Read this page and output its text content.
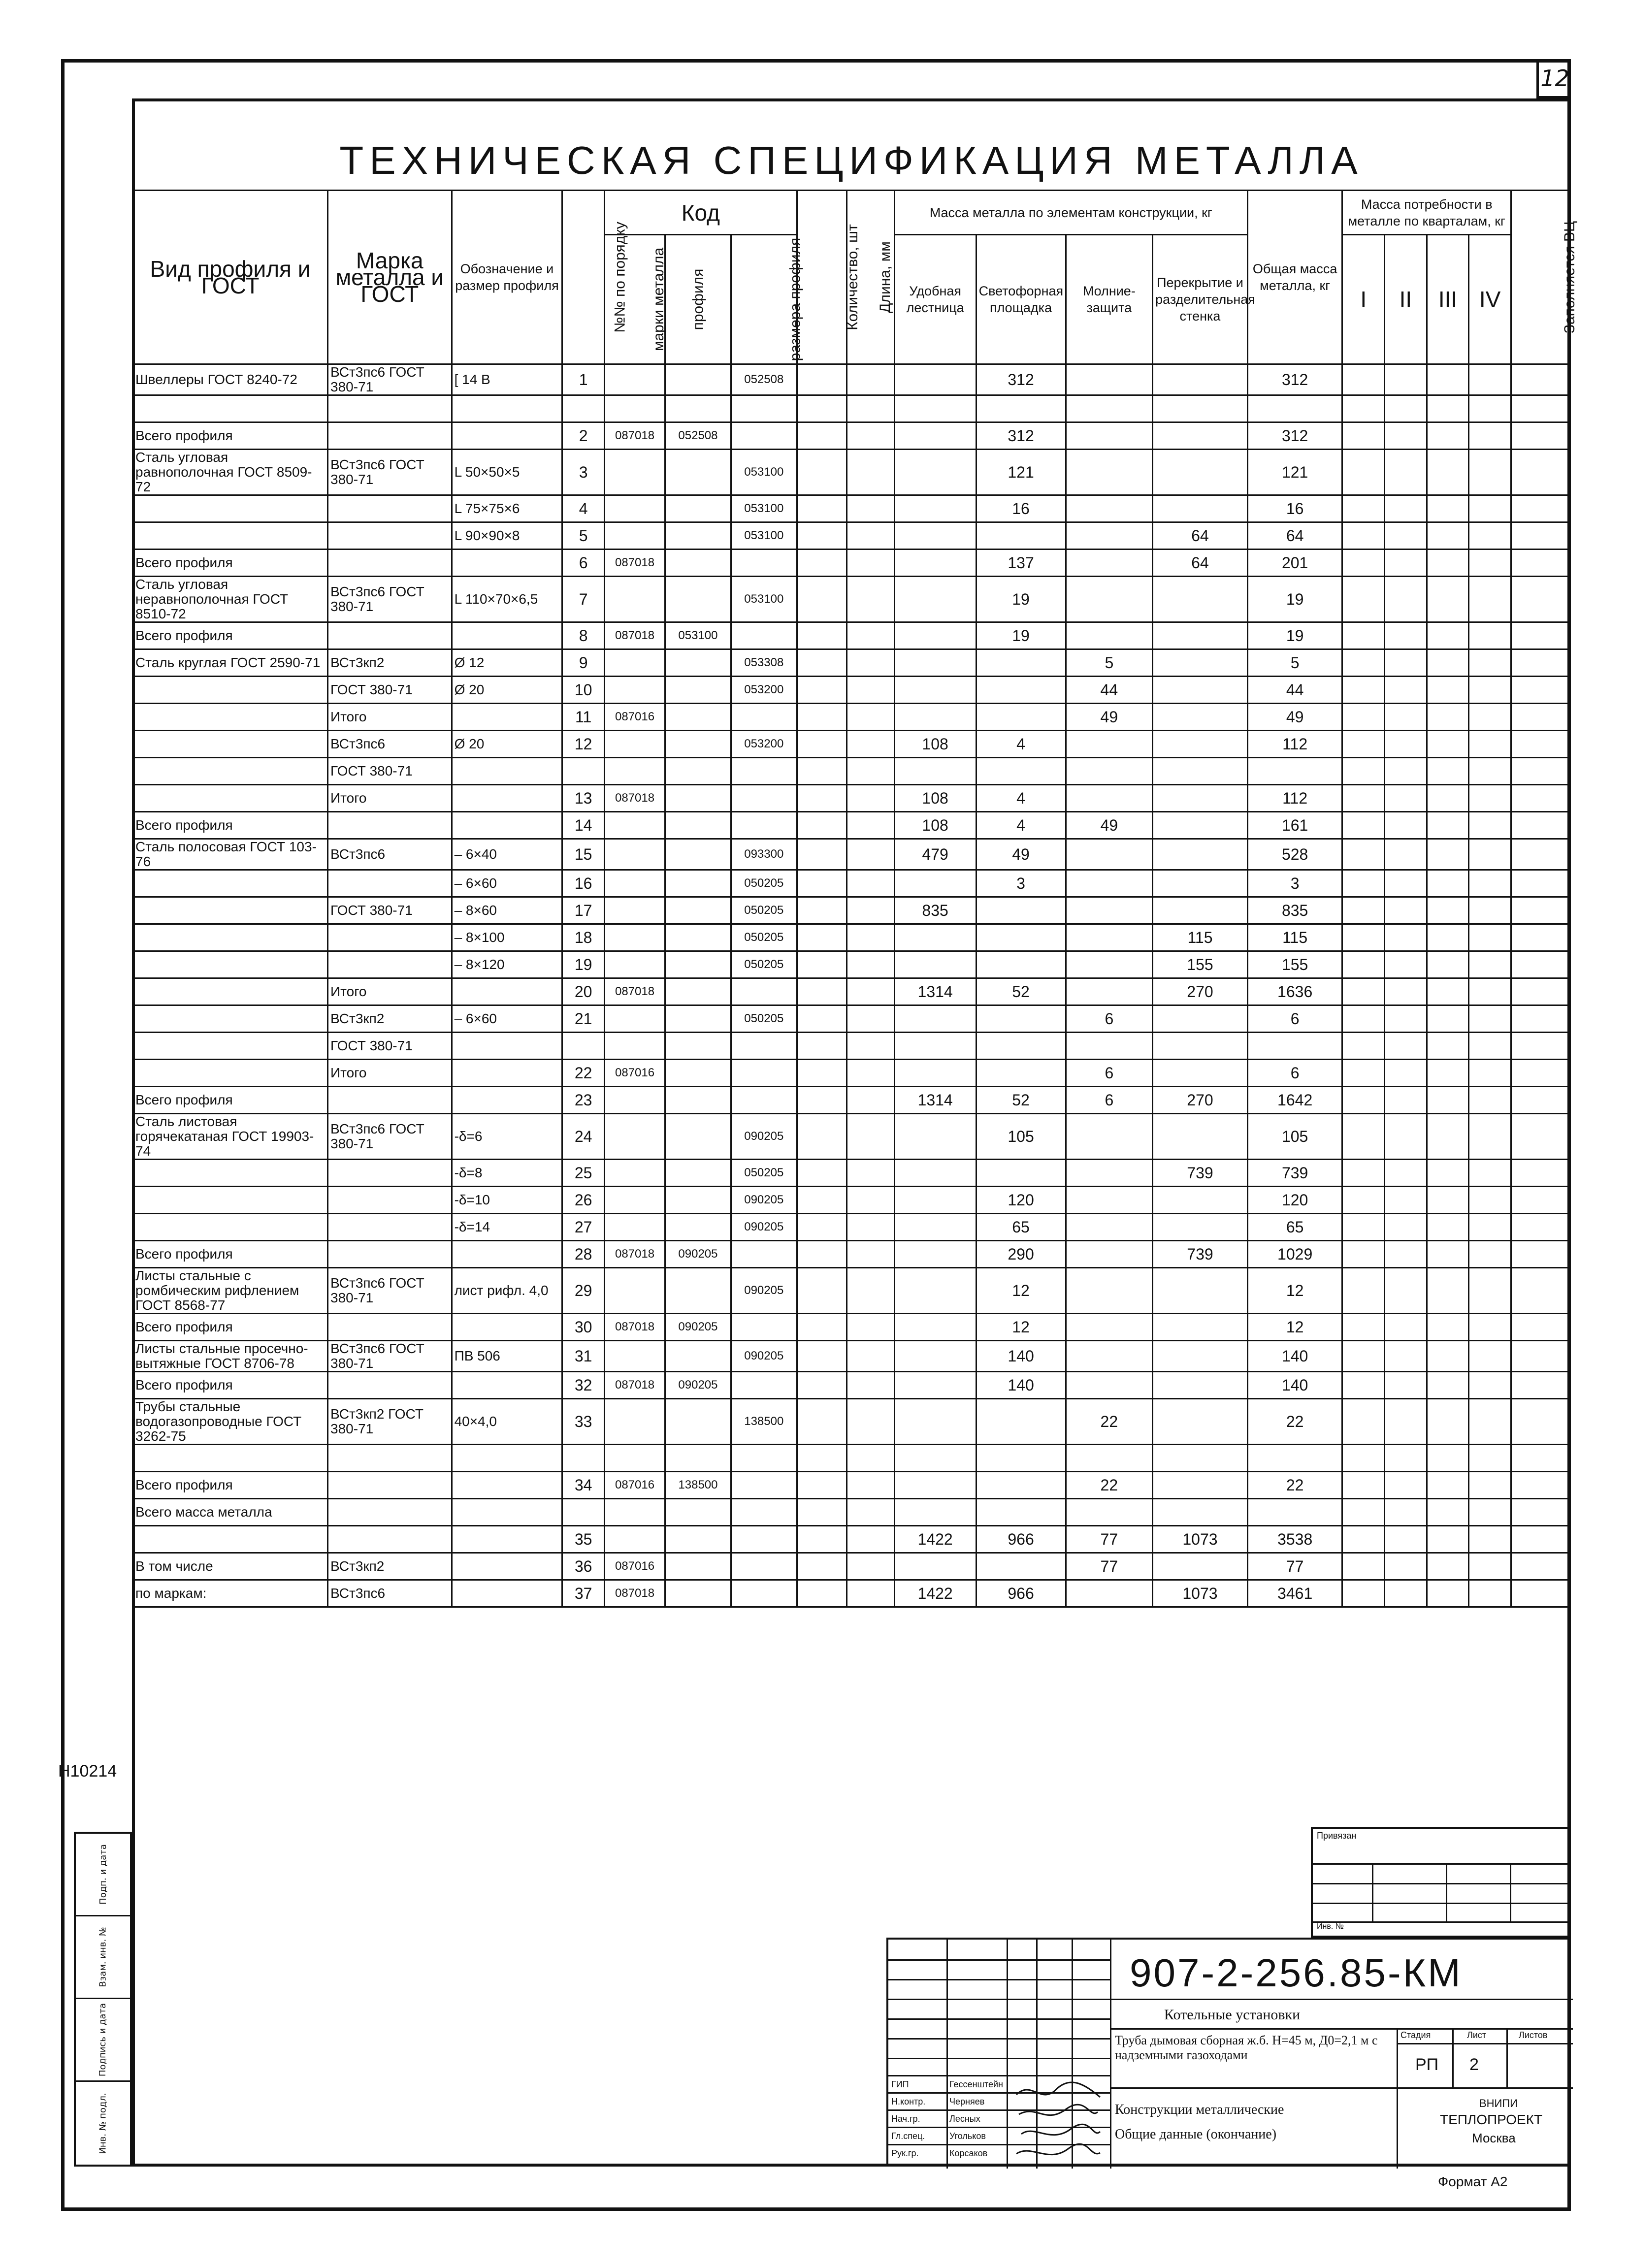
12
ТЕХНИЧЕСКАЯ СПЕЦИФИКАЦИЯ МЕТАЛЛА
Вид профиля и ГОСТ	Марка металла и ГОСТ	Обозначение и размер профиля	№№ по порядку	Код			Количество, шт	Длина, мм	Масса металла по элементам конструкции, кг				Общая масса металла, кг	Масса потребности в металле по кварталам, кг				Заполняется ВЦ
				марки металла	профиля	размера профиля			Удобная лестница	Светофорная площадка	Молние-защита	Перекрытие и разделительная стенка		I	II	III	IV	
Швеллеры ГОСТ 8240-72	ВСт3пс6 ГОСТ 380-71	[ 14 В	1			052508				312			312					

Всего профиля			2	087018	052508					312			312					
Сталь угловая равнополочная ГОСТ 8509-72	ВСт3пс6 ГОСТ 380-71	L 50×50×5	3			053100				121			121					
		L 75×75×6	4			053100				16			16					
		L 90×90×8	5			053100						64	64					
Всего профиля			6	087018						137		64	201					
Сталь угловая неравнополочная ГОСТ 8510-72	ВСт3пс6 ГОСТ 380-71	L 110×70×6,5	7			053100				19			19					
Всего профиля			8	087018	053100					19			19					
Сталь круглая ГОСТ 2590-71	ВСт3кп2	Ø 12	9			053308					5		5					
	ГОСТ 380-71	Ø 20	10			053200					44		44					
	Итого		11	087016							49		49					
	ВСт3пс6	Ø 20	12			053200			108	4			112					
	ГОСТ 380-71																	
	Итого		13	087018					108	4			112					
Всего профиля			14						108	4	49		161					
Сталь полосовая ГОСТ 103-76	ВСт3пс6	– 6×40	15			093300			479	49			528					
		– 6×60	16			050205				3			3					
	ГОСТ 380-71	– 8×60	17			050205			835				835					
		– 8×100	18			050205						115	115					
		– 8×120	19			050205						155	155					
	Итого		20	087018					1314	52		270	1636					
	ВСт3кп2	– 6×60	21			050205					6		6					
	ГОСТ 380-71																	
	Итого		22	087016							6		6					
Всего профиля			23						1314	52	6	270	1642					
Сталь листовая горячекатаная ГОСТ 19903-74	ВСт3пс6 ГОСТ 380-71	-δ=6	24			090205				105			105					
		-δ=8	25			050205						739	739					
		-δ=10	26			090205				120			120					
		-δ=14	27			090205				65			65					
Всего профиля			28	087018	090205					290		739	1029					
Листы стальные с ромбическим рифлением ГОСТ 8568-77	ВСт3пс6 ГОСТ 380-71	лист рифл. 4,0	29			090205				12			12					
Всего профиля			30	087018	090205					12			12					
Листы стальные просечно-вытяжные ГОСТ 8706-78	ВСт3пс6 ГОСТ 380-71	ПВ 506	31			090205				140			140					
Всего профиля			32	087018	090205					140			140					
Трубы стальные водогазопроводные ГОСТ 3262-75	ВСт3кп2 ГОСТ 380-71	40×4,0	33			138500					22		22					

Всего профиля			34	087016	138500						22		22					
Всего масса металла																		
			35						1422	966	77	1073	3538					
В том числе	ВСт3кп2		36	087016							77		77					
по маркам:	ВСт3пс6		37	087018					1422	966		1073	3461					
Н10214
Подп. и дата
Взам. инв. №
Подпись и дата
Инв. № подл.
Привязан
Инв. №
ГИП	Гессенштейн
Н.контр.	Черняев
Нач.гр.	Лесных
Гл.спец.	Угольков
Рук.гр.	Корсаков
907-2-256.85-КМ
Котельные установки
Труба дымовая сборная ж.б. Н=45 м, Д0=2,1 м с надземными газоходами
Стадия	Лист	Листов
РП 2
Конструкции металлические
Общие данные (окончание)
ВНИПИ
ТЕПЛОПРОЕКТ
Москва
Формат А2
